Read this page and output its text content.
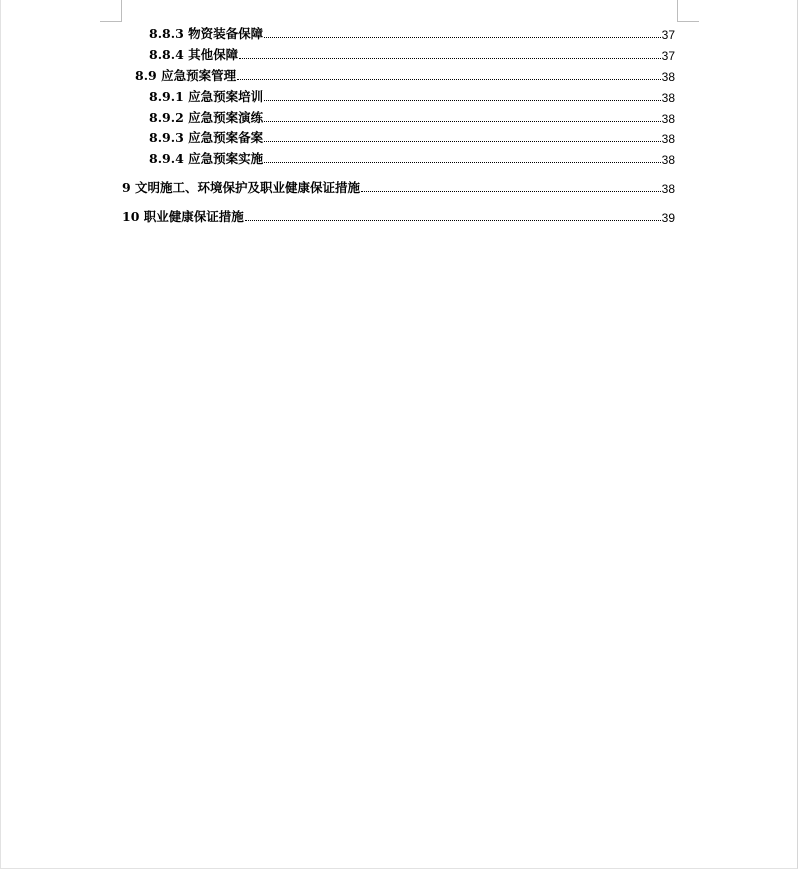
8.8.3 物资装备保障	37
8.8.4 其他保障	37
8.9 应急预案管理	38
8.9.1 应急预案培训	38
8.9.2 应急预案演练	38
8.9.3 应急预案备案	38
8.9.4 应急预案实施	38
9 文明施工、环境保护及职业健康保证措施	38
10 职业健康保证措施	39
